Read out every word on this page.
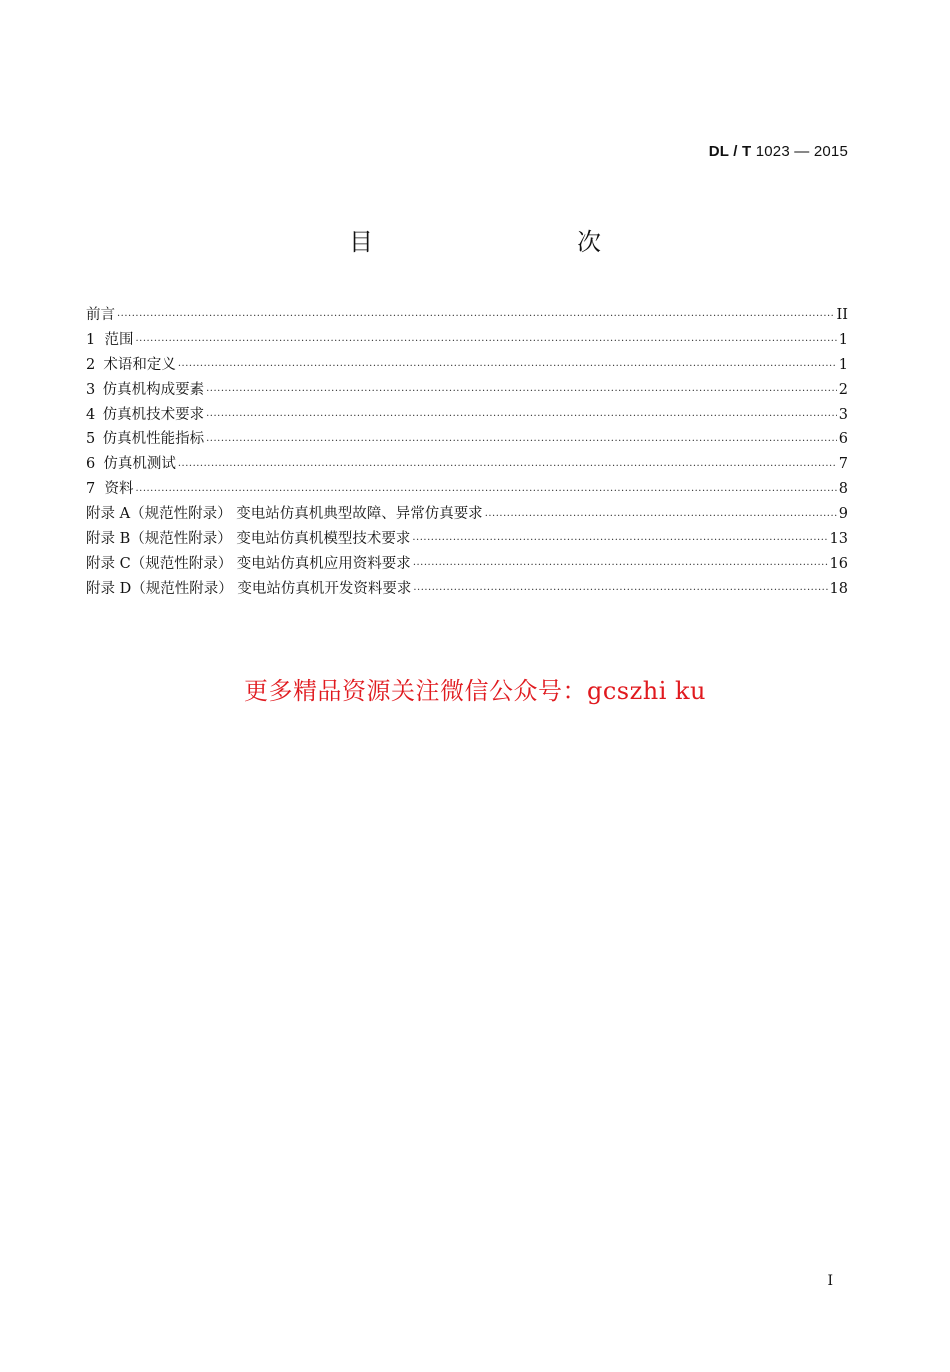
DL / T 1023 — 2015
目　　次
前言 ·····	II
1 范围 ·····	1
2 术语和定义 ·····	1
3 仿真机构成要素 ·····	2
4 仿真机技术要求 ·····	3
5 仿真机性能指标 ·····	6
6 仿真机测试 ·····	7
7 资料 ·····	8
附录 A（规范性附录） 变电站仿真机典型故障、异常仿真要求 ·····	9
附录 B（规范性附录） 变电站仿真机模型技术要求 ·····	13
附录 C（规范性附录） 变电站仿真机应用资料要求 ·····	16
附录 D（规范性附录） 变电站仿真机开发资料要求 ·····	18
更多精品资源关注微信公众号：gcszhi ku
I
